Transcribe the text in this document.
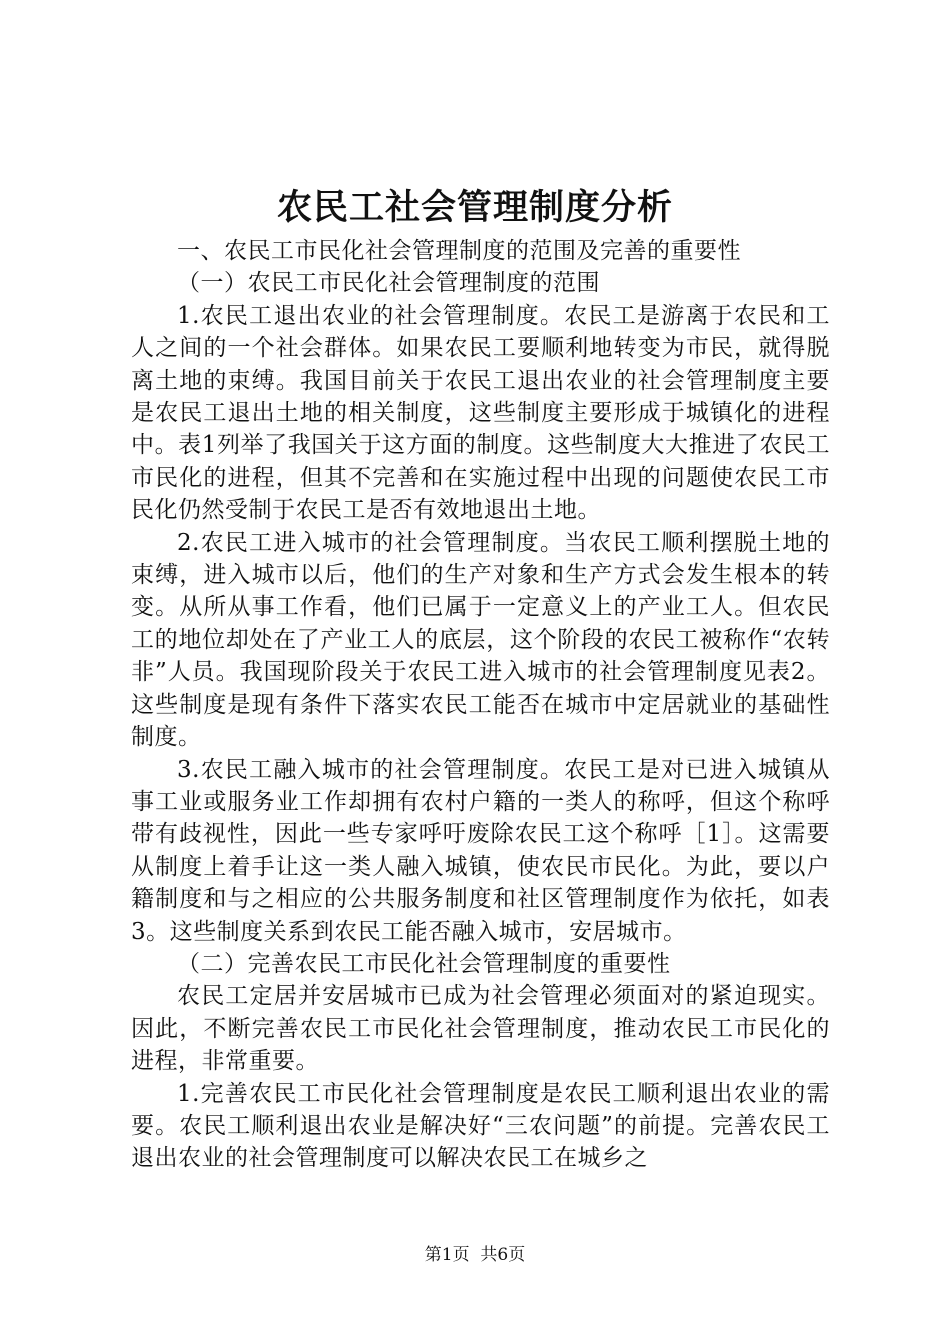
农民工社会管理制度分析

一、农民工市民化社会管理制度的范围及完善的重要性

（一）农民工市民化社会管理制度的范围

1.农民工退出农业的社会管理制度。农民工是游离于农民和工人之间的一个社会群体。如果农民工要顺利地转变为市民，就得脱离土地的束缚。我国目前关于农民工退出农业的社会管理制度主要是农民工退出土地的相关制度，这些制度主要形成于城镇化的进程中。表1列举了我国关于这方面的制度。这些制度大大推进了农民工市民化的进程，但其不完善和在实施过程中出现的问题使农民工市民化仍然受制于农民工是否有效地退出土地。

2.农民工进入城市的社会管理制度。当农民工顺利摆脱土地的束缚，进入城市以后，他们的生产对象和生产方式会发生根本的转变。从所从事工作看，他们已属于一定意义上的产业工人。但农民工的地位却处在了产业工人的底层，这个阶段的农民工被称作“农转非”人员。我国现阶段关于农民工进入城市的社会管理制度见表2。这些制度是现有条件下落实农民工能否在城市中定居就业的基础性制度。

3.农民工融入城市的社会管理制度。农民工是对已进入城镇从事工业或服务业工作却拥有农村户籍的一类人的称呼，但这个称呼带有歧视性，因此一些专家呼吁废除农民工这个称呼［1］。这需要从制度上着手让这一类人融入城镇，使农民市民化。为此，要以户籍制度和与之相应的公共服务制度和社区管理制度作为依托，如表3。这些制度关系到农民工能否融入城市，安居城市。

（二）完善农民工市民化社会管理制度的重要性

农民工定居并安居城市已成为社会管理必须面对的紧迫现实。因此，不断完善农民工市民化社会管理制度，推动农民工市民化的进程，非常重要。

1.完善农民工市民化社会管理制度是农民工顺利退出农业的需要。农民工顺利退出农业是解决好“三农问题”的前提。完善农民工退出农业的社会管理制度可以解决农民工在城乡之

第1页 共6页
